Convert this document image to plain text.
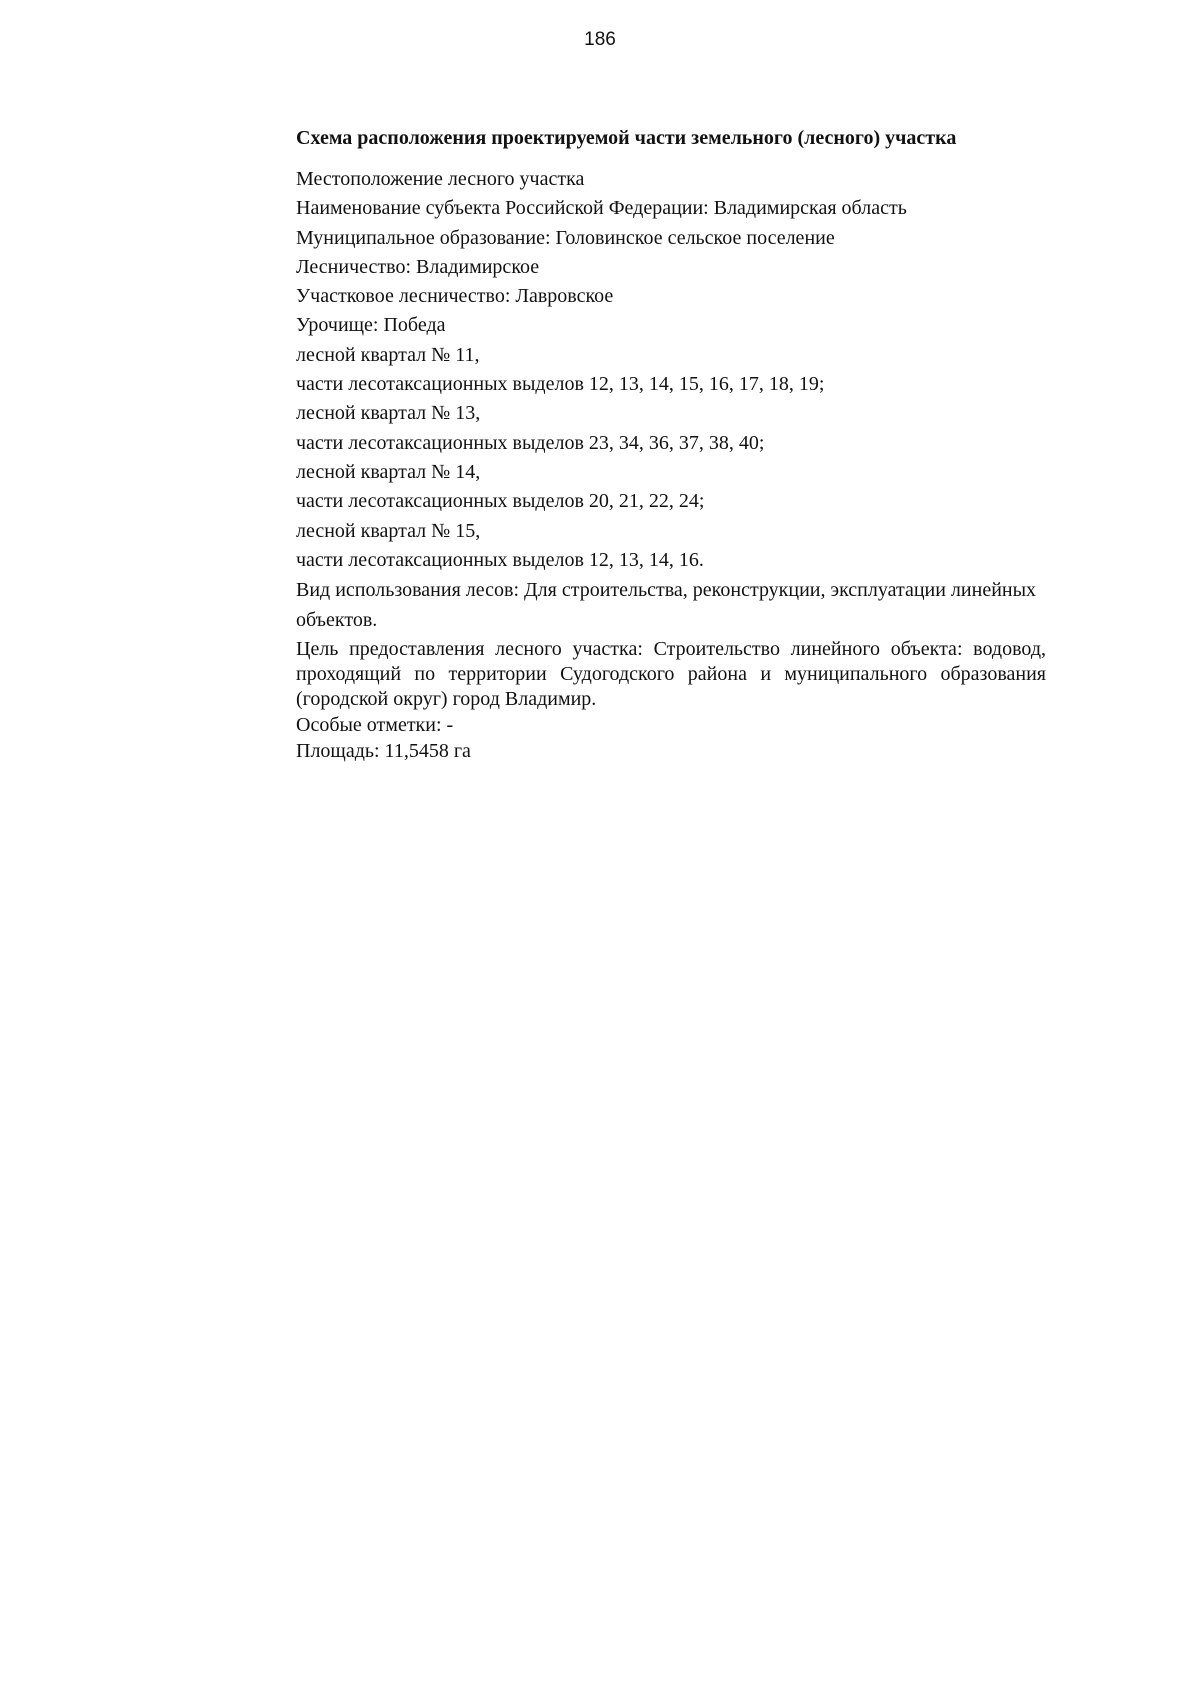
186
Схема расположения проектируемой части земельного (лесного) участка
Местоположение лесного участка
Наименование субъекта Российской Федерации: Владимирская область
Муниципальное образование: Головинское сельское поселение
Лесничество: Владимирское
Участковое лесничество: Лавровское
Урочище: Победа
лесной квартал № 11,
части лесотаксационных выделов 12, 13, 14, 15, 16, 17, 18, 19;
лесной квартал № 13,
части лесотаксационных выделов 23, 34, 36, 37, 38, 40;
лесной квартал № 14,
части лесотаксационных выделов 20, 21, 22, 24;
лесной квартал № 15,
части лесотаксационных выделов 12, 13, 14, 16.
Вид использования лесов: Для строительства, реконструкции, эксплуатации линейных объектов.
Цель предоставления лесного участка: Строительство линейного объекта: водовод, проходящий по территории Судогодского района и муниципального образования (городской округ) город Владимир.
Особые отметки: -
Площадь: 11,5458 га
